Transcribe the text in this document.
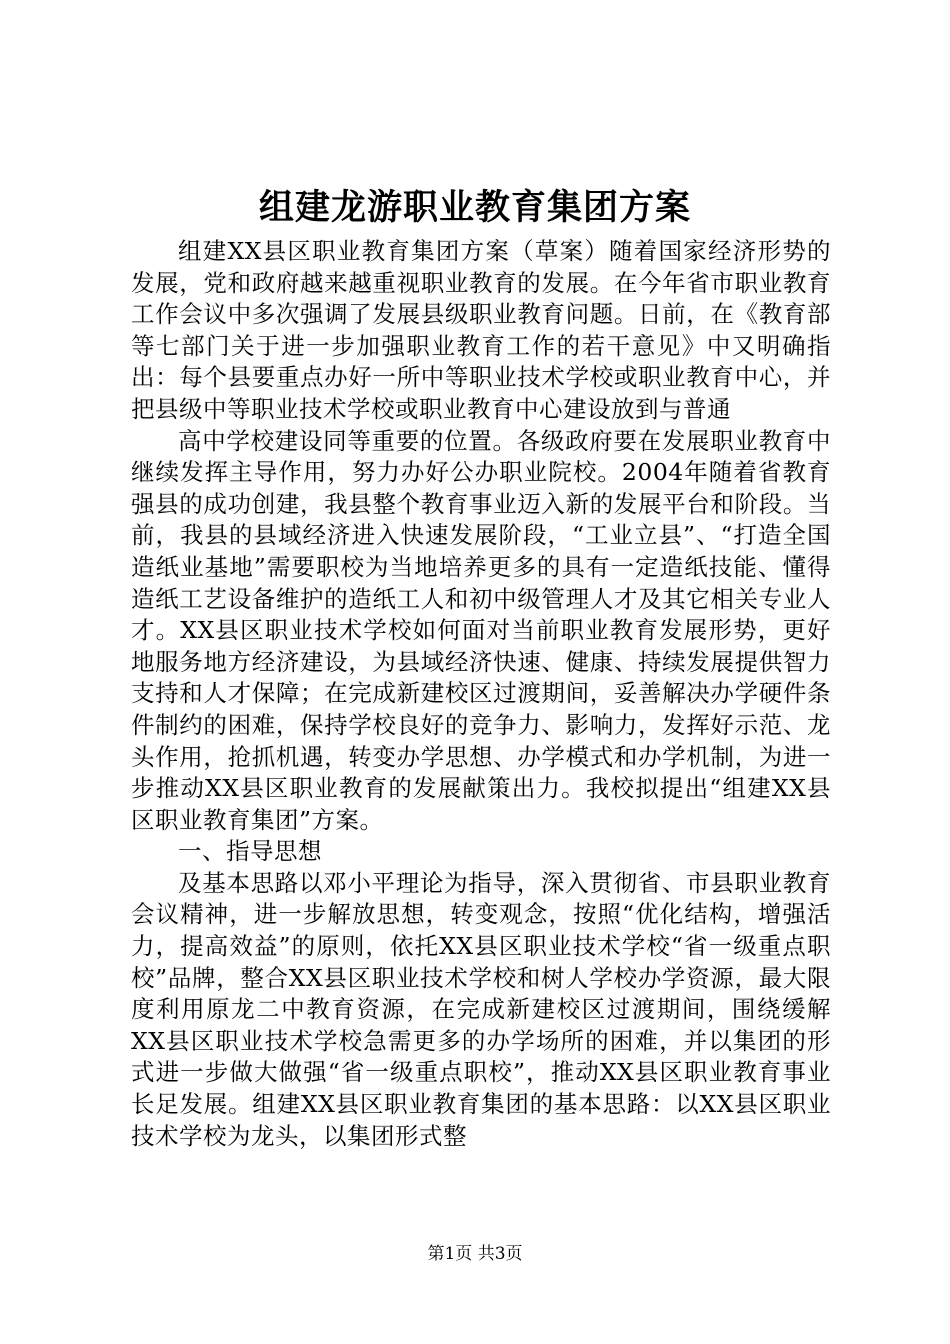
组建龙游职业教育集团方案

组建XX县区职业教育集团方案（草案）随着国家经济形势的发展，党和政府越来越重视职业教育的发展。在今年省市职业教育工作会议中多次强调了发展县级职业教育问题。日前，在《教育部等七部门关于进一步加强职业教育工作的若干意见》中又明确指出：每个县要重点办好一所中等职业技术学校或职业教育中心，并把县级中等职业技术学校或职业教育中心建设放到与普通

高中学校建设同等重要的位置。各级政府要在发展职业教育中继续发挥主导作用，努力办好公办职业院校。2004年随着省教育强县的成功创建，我县整个教育事业迈入新的发展平台和阶段。当前，我县的县域经济进入快速发展阶段，“工业立县”、“打造全国造纸业基地”需要职校为当地培养更多的具有一定造纸技能、懂得造纸工艺设备维护的造纸工人和初中级管理人才及其它相关专业人才。XX县区职业技术学校如何面对当前职业教育发展形势，更好地服务地方经济建设，为县域经济快速、健康、持续发展提供智力支持和人才保障；在完成新建校区过渡期间，妥善解决办学硬件条件制约的困难，保持学校良好的竞争力、影响力，发挥好示范、龙头作用，抢抓机遇，转变办学思想、办学模式和办学机制，为进一步推动XX县区职业教育的发展献策出力。我校拟提出“组建XX县区职业教育集团”方案。

一、指导思想

及基本思路以邓小平理论为指导，深入贯彻省、市县职业教育会议精神，进一步解放思想，转变观念，按照“优化结构，增强活力，提高效益”的原则，依托XX县区职业技术学校“省一级重点职校”品牌，整合XX县区职业技术学校和树人学校办学资源，最大限度利用原龙二中教育资源，在完成新建校区过渡期间，围绕缓解XX县区职业技术学校急需更多的办学场所的困难，并以集团的形式进一步做大做强“省一级重点职校”，推动XX县区职业教育事业长足发展。组建XX县区职业教育集团的基本思路：以XX县区职业技术学校为龙头，以集团形式整

第1页 共3页
